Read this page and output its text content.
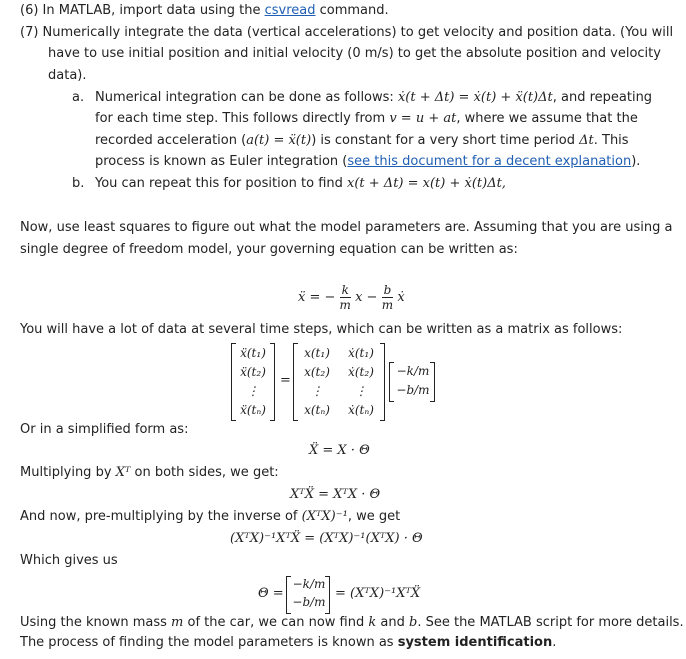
(6) In MATLAB, import data using the csvread command.
(7) Numerically integrate the data (vertical accelerations) to get velocity and position data. (You will
have to use initial position and initial velocity (0 m/s) to get the absolute position and velocity
data).
a. Numerical integration can be done as follows: ẋ(t + Δt) = ẋ(t) + ẍ(t)Δt, and repeating
for each time step. This follows directly from v = u + at, where we assume that the
recorded acceleration (a(t) = ẍ(t)) is constant for a very short time period Δt. This
process is known as Euler integration (see this document for a decent explanation).
b. You can repeat this for position to find x(t + Δt) = x(t) + ẋ(t)Δt,
Now, use least squares to figure out what the model parameters are. Assuming that you are using a
single degree of freedom model, your governing equation can be written as:
ẍ = − $\frac{k}{m}$ $x - \frac{b}{m}$ ẋ
You will have a lot of data at several time steps, which can be written as a matrix as follows:
ẍ(t₁)
ẍ(t₂)
⋮
ẍ(tₙ)
=
x(t₁)
x(t₂)
⋮
x(tₙ)
ẋ(t₁)
ẋ(t₂)
⋮
ẋ(tₙ)
−k/m
−b/m
Or in a simplified form as:
Ẍ = X · Θ
Multiplying by Xᵀ on both sides, we get:
XᵀẌ = XᵀX · Θ
And now, pre-multiplying by the inverse of (XᵀX)⁻¹, we get
(XᵀX)⁻¹XᵀẌ = (XᵀX)⁻¹(XᵀX) · Θ
Which gives us
Θ =
−k/m
−b/m
= (XᵀX)⁻¹XᵀẌ
Using the known mass m of the car, we can now find k and b. See the MATLAB script for more details.
The process of finding the model parameters is known as system identification.
